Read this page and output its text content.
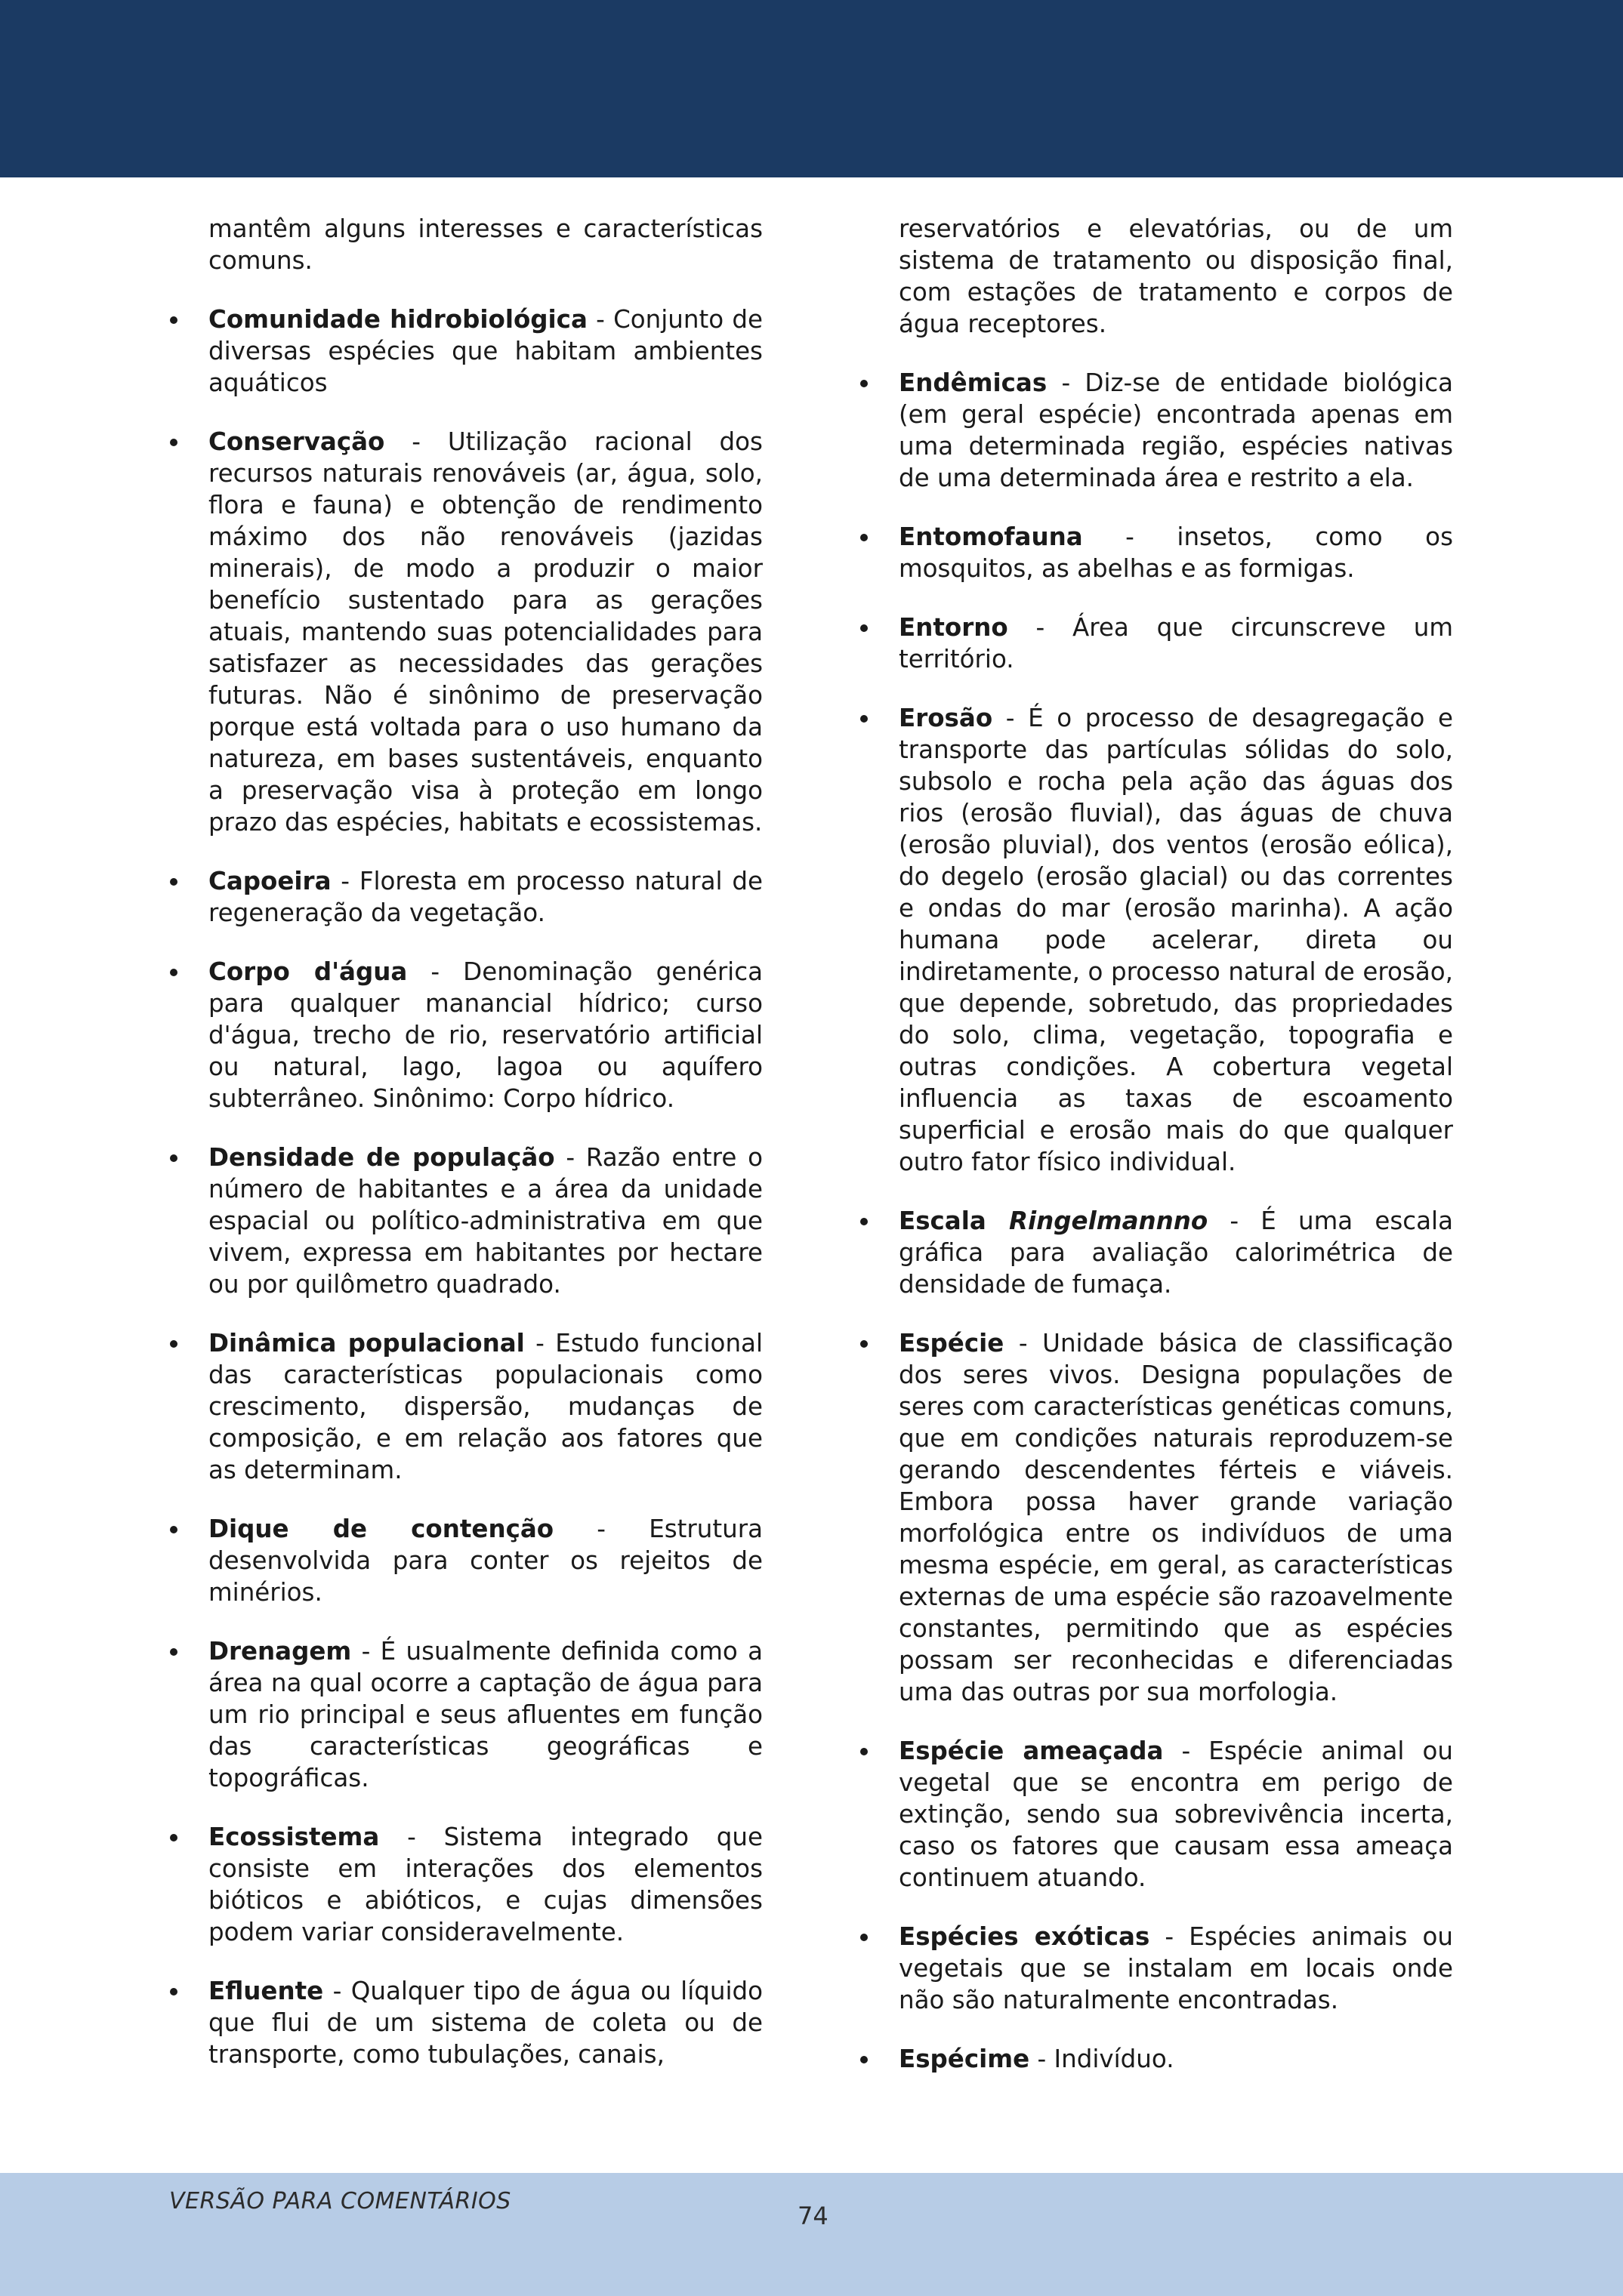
mantêm alguns interesses e características comuns.

Comunidade hidrobiológica - Conjunto de diversas espécies que habitam ambientes aquáticos
Conservação - Utilização racional dos recursos naturais renováveis (ar, água, solo, flora e fauna) e obtenção de rendimento máximo dos não renováveis (jazidas minerais), de modo a produzir o maior benefício sustentado para as gerações atuais, mantendo suas potencialidades para satisfazer as necessidades das gerações futuras. Não é sinônimo de preservação porque está voltada para o uso humano da natureza, em bases sustentáveis, enquanto a preservação visa à proteção em longo prazo das espécies, habitats e ecossistemas.
Capoeira - Floresta em processo natural de regeneração da vegetação.
Corpo d'água - Denominação genérica para qualquer manancial hídrico; curso d'água, trecho de rio, reservatório artificial ou natural, lago, lagoa ou aquífero subterrâneo. Sinônimo: Corpo hídrico.
Densidade de população - Razão entre o número de habitantes e a área da unidade espacial ou político-administrativa em que vivem, expressa em habitantes por hectare ou por quilômetro quadrado.
Dinâmica populacional - Estudo funcional das características populacionais como crescimento, dispersão, mudanças de composição, e em relação aos fatores que as determinam.
Dique de contenção - Estrutura desenvolvida para conter os rejeitos de minérios.
Drenagem - É usualmente definida como a área na qual ocorre a captação de água para um rio principal e seus afluentes em função das características geográficas e topográficas.
Ecossistema - Sistema integrado que consiste em interações dos elementos bióticos e abióticos, e cujas dimensões podem variar consideravelmente.
Efluente - Qualquer tipo de água ou líquido que flui de um sistema de coleta ou de transporte, como tubulações, canais,

reservatórios e elevatórias, ou de um sistema de tratamento ou disposição final, com estações de tratamento e corpos de água receptores.

Endêmicas - Diz-se de entidade biológica (em geral espécie) encontrada apenas em uma determinada região, espécies nativas de uma determinada área e restrito a ela.
Entomofauna - insetos, como os mosquitos, as abelhas e as formigas.
Entorno - Área que circunscreve um território.
Erosão - É o processo de desagregação e transporte das partículas sólidas do solo, subsolo e rocha pela ação das águas dos rios (erosão fluvial), das águas de chuva (erosão pluvial), dos ventos (erosão eólica), do degelo (erosão glacial) ou das correntes e ondas do mar (erosão marinha). A ação humana pode acelerar, direta ou indiretamente, o processo natural de erosão, que depende, sobretudo, das propriedades do solo, clima, vegetação, topografia e outras condições. A cobertura vegetal influencia as taxas de escoamento superficial e erosão mais do que qualquer outro fator físico individual.
Escala Ringelmannno - É uma escala gráfica para avaliação calorimétrica de densidade de fumaça.
Espécie - Unidade básica de classificação dos seres vivos. Designa populações de seres com características genéticas comuns, que em condições naturais reproduzem-se gerando descendentes férteis e viáveis. Embora possa haver grande variação morfológica entre os indivíduos de uma mesma espécie, em geral, as características externas de uma espécie são razoavelmente constantes, permitindo que as espécies possam ser reconhecidas e diferenciadas uma das outras por sua morfologia.
Espécie ameaçada - Espécie animal ou vegetal que se encontra em perigo de extinção, sendo sua sobrevivência incerta, caso os fatores que causam essa ameaça continuem atuando.
Espécies exóticas - Espécies animais ou vegetais que se instalam em locais onde não são naturalmente encontradas.
Espécime - Indivíduo.
VERSÃO PARA COMENTÁRIOS
74
